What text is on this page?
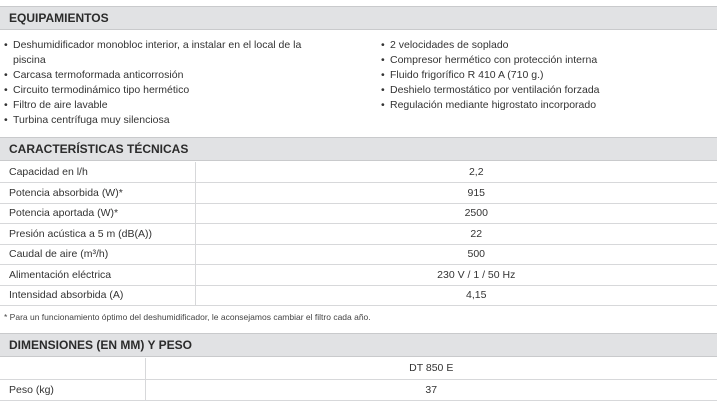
EQUIPAMIENTOS
• Deshumidificador monobloc interior, a instalar en el local de la piscina
• Carcasa termoformada anticorrosión
• Circuito termodinámico tipo hermético
• Filtro de aire lavable
• Turbina centrífuga muy silenciosa
• 2 velocidades de soplado
• Compresor hermético con protección interna
• Fluido frigorífico R 410 A (710 g.)
• Deshielo termostático por ventilación forzada
• Regulación mediante higrostato incorporado
CARACTERÍSTICAS TÉCNICAS
Capacidad en l/h	2,2
Potencia absorbida (W)*	915
Potencia aportada (W)*	2500
Presión acústica a 5 m (dB(A))	22
Caudal de aire (m³/h)	500
Alimentación eléctrica	230 V / 1 / 50 Hz
Intensidad absorbida (A)	4,15
* Para un funcionamiento óptimo del deshumidificador, le aconsejamos cambiar el filtro cada año.
DIMENSIONES (EN MM) Y PESO
	DT 850 E
Peso (kg)	37
